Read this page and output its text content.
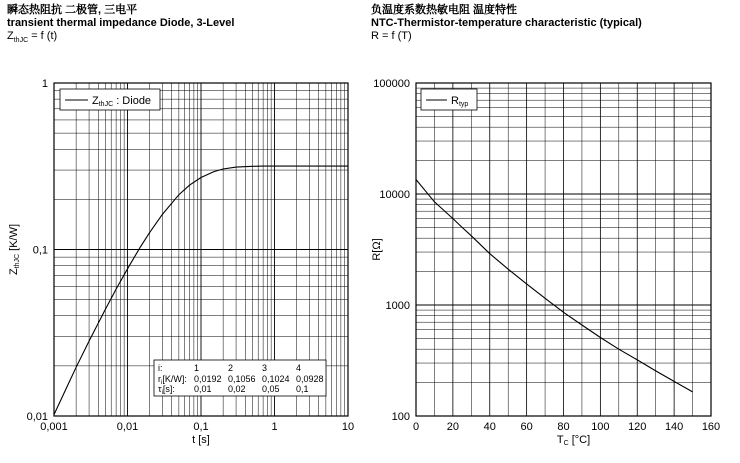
瞬态热阻抗 二极管, 三电平
transient thermal impedance Diode, 3-Level
$Z_{thJC} = f$ (t)
负温度系数热敏电阻 温度特性
NTC-Thermistor-temperature characteristic (typical)
R = f (T)
0,001	0,01	0,1	1	10
0,01
0,1
1
t [s]
ZthJC [K/W]
ZthJC : Diode
i:	1	2	3	4
$r_i[K/W]$: 0,0192 0,1056 0,1024 0,0928
$\tau_i[s]$: 0,01 0,02 0,05 0,1
0	20 40 60 80 100 120 140 160
100
1000
10000
100000
TC [°C]
R[Ω]
Rtyp
